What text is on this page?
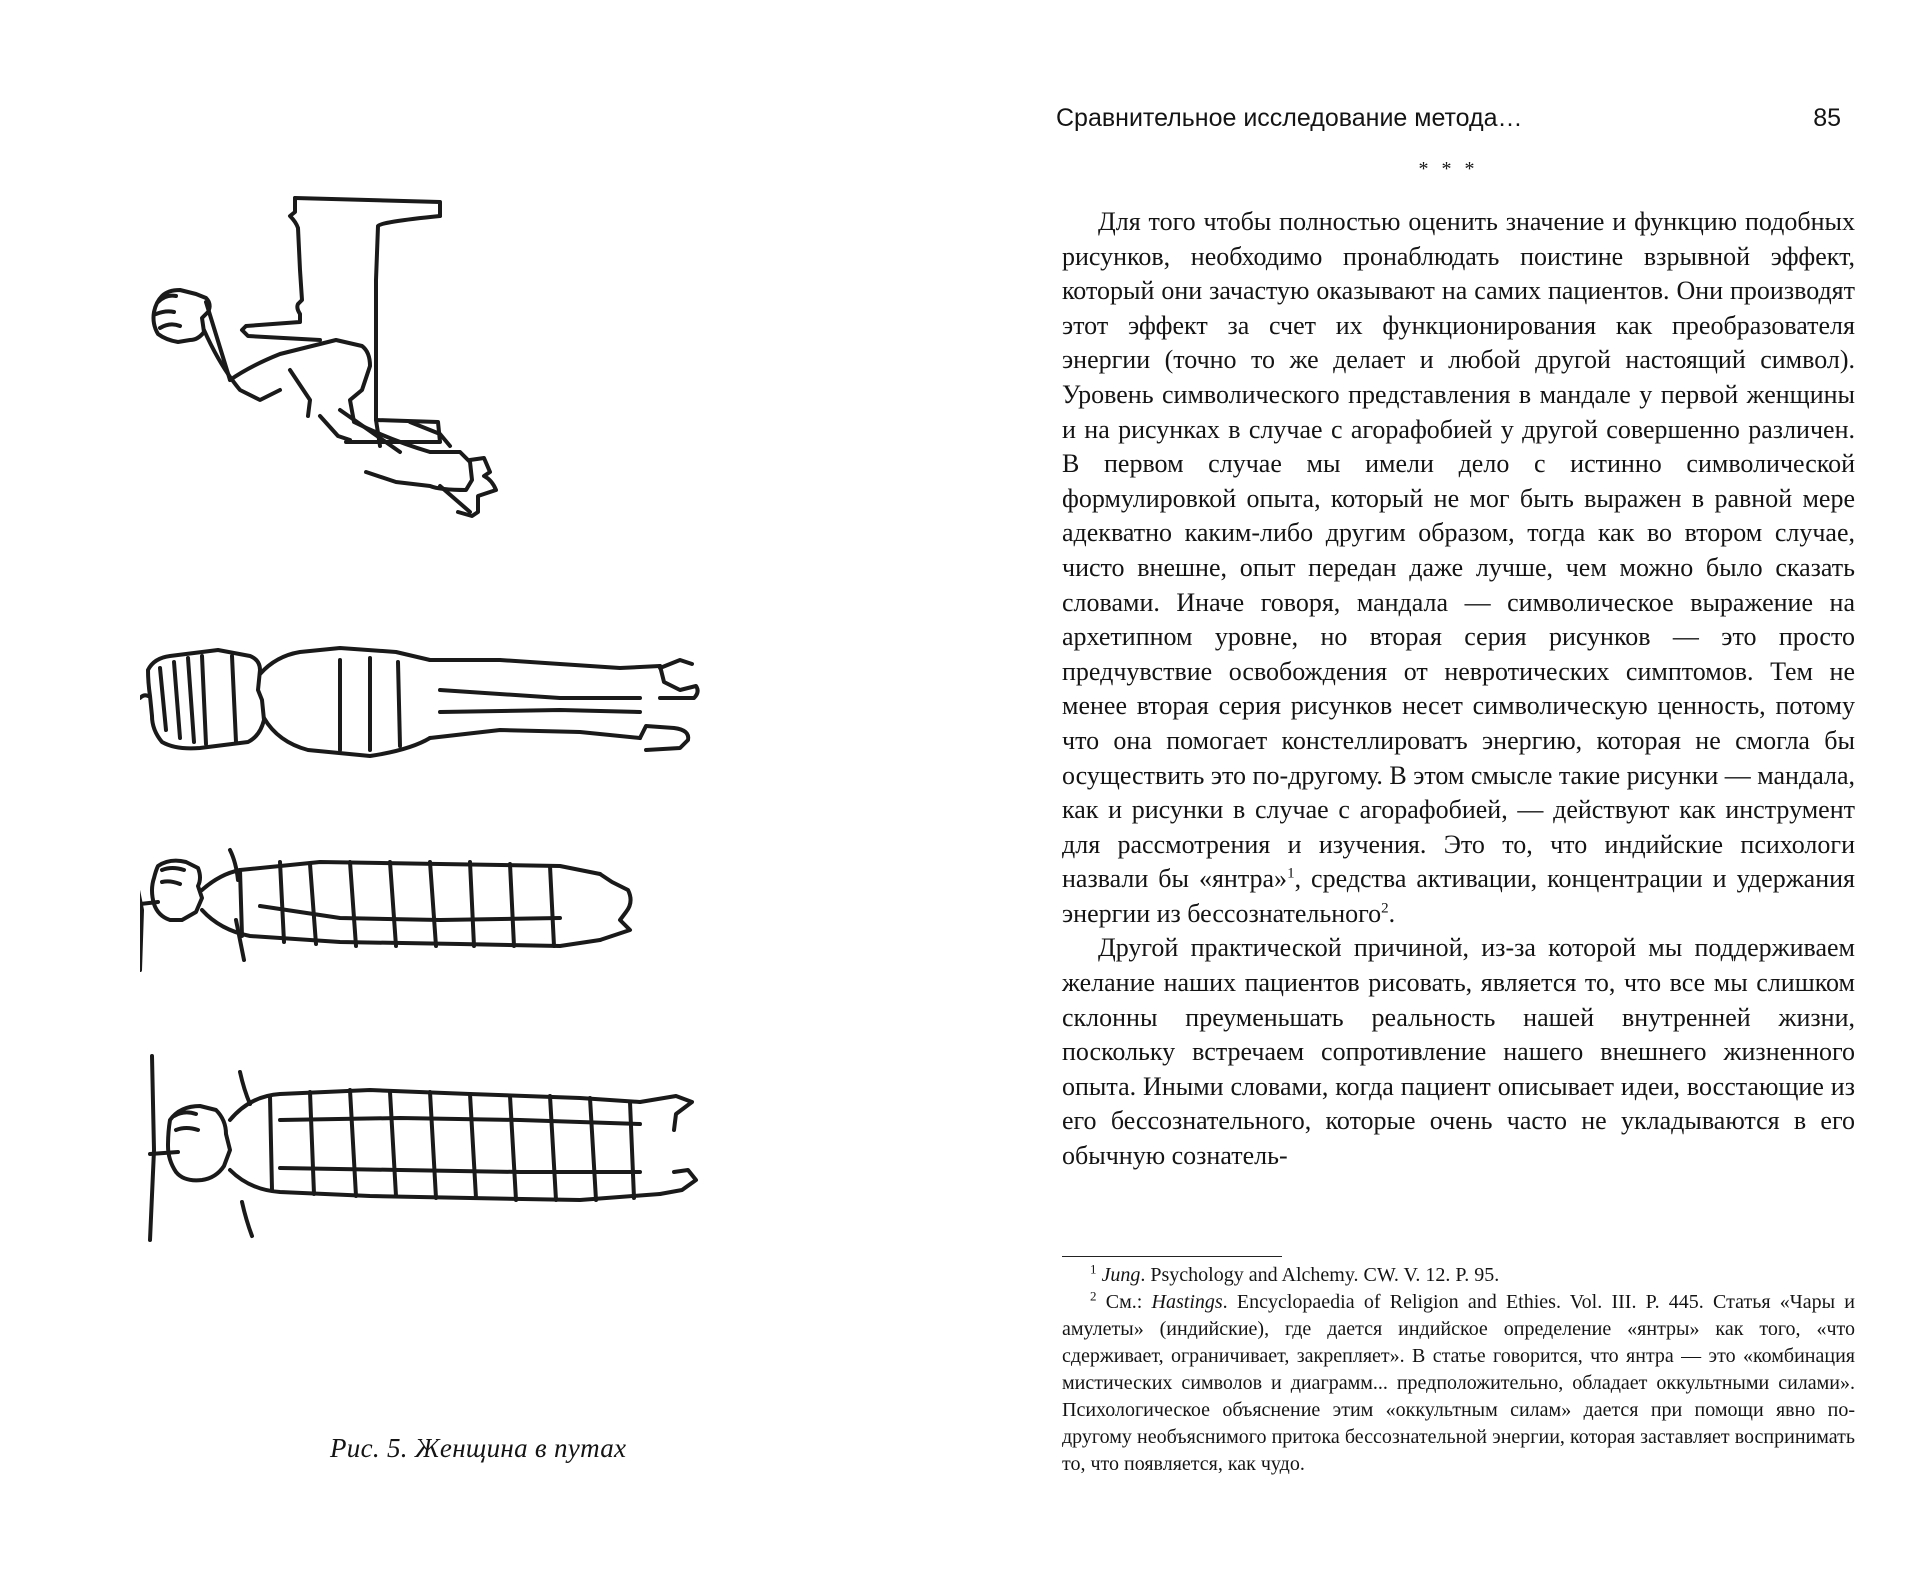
Рис. 5. Женщина в путах
Сравнительное исследование метода…	85
* * *

Для того чтобы полностью оценить значение и функцию подобных рисунков, необходимо пронаблюдать поистине взрывной эффект, который они зачастую оказывают на самих пациентов. Они производят этот эффект за счет их функционирования как преобразователя энергии (точно то же делает и любой другой настоящий символ). Уровень символического представления в мандале у первой женщины и на рисунках в случае с агорафобией у другой совершенно различен. В первом случае мы имели дело с истинно символической формулировкой опыта, который не мог быть выражен в равной мере адекватно каким-либо другим образом, тогда как во втором случае, чисто внешне, опыт передан даже лучше, чем можно было сказать словами. Иначе говоря, мандала — символическое выражение на архетипном уровне, но вторая серия рисунков — это просто предчувствие освобождения от невротических симптомов. Тем не менее вторая серия рисунков несет символическую ценность, потому что она помогает констеллироватъ энергию, которая не смогла бы осуществить это по-другому. В этом смысле такие рисунки — мандала, как и рисунки в случае с агорафобией, — действуют как инструмент для рассмотрения и изучения. Это то, что индийские психологи назвали бы «янтра»$^1$, средства активации, концентрации и удержания энергии из бессознательного$^2$.

Другой практической причиной, из-за которой мы поддерживаем желание наших пациентов рисовать, является то, что все мы слишком склонны преуменьшать реальность нашей внутренней жизни, поскольку встречаем сопротивление нашего внешнего жизненного опыта. Иными словами, когда пациент описывает идеи, восстающие из его бессознательного, которые очень часто не укладываются в его обычную сознатель-

$^1$ Jung. Psychology and Alchemy. CW. V. 12. P. 95.

$^2$ См.: Hastings. Encyclopaedia of Religion and Ethies. Vol. III. P. 445. Статья «Чары и амулеты» (индийские), где дается индийское определение «янтры» как того, «что сдерживает, ограничивает, закрепляет». В статье говорится, что янтра — это «комбинация мистических символов и диаграмм... предположительно, обладает оккультными силами». Психологическое объяснение этим «оккультным силам» дается при помощи явно по-другому необъяснимого притока бессознательной энергии, которая заставляет воспринимать то, что появляется, как чудо.
